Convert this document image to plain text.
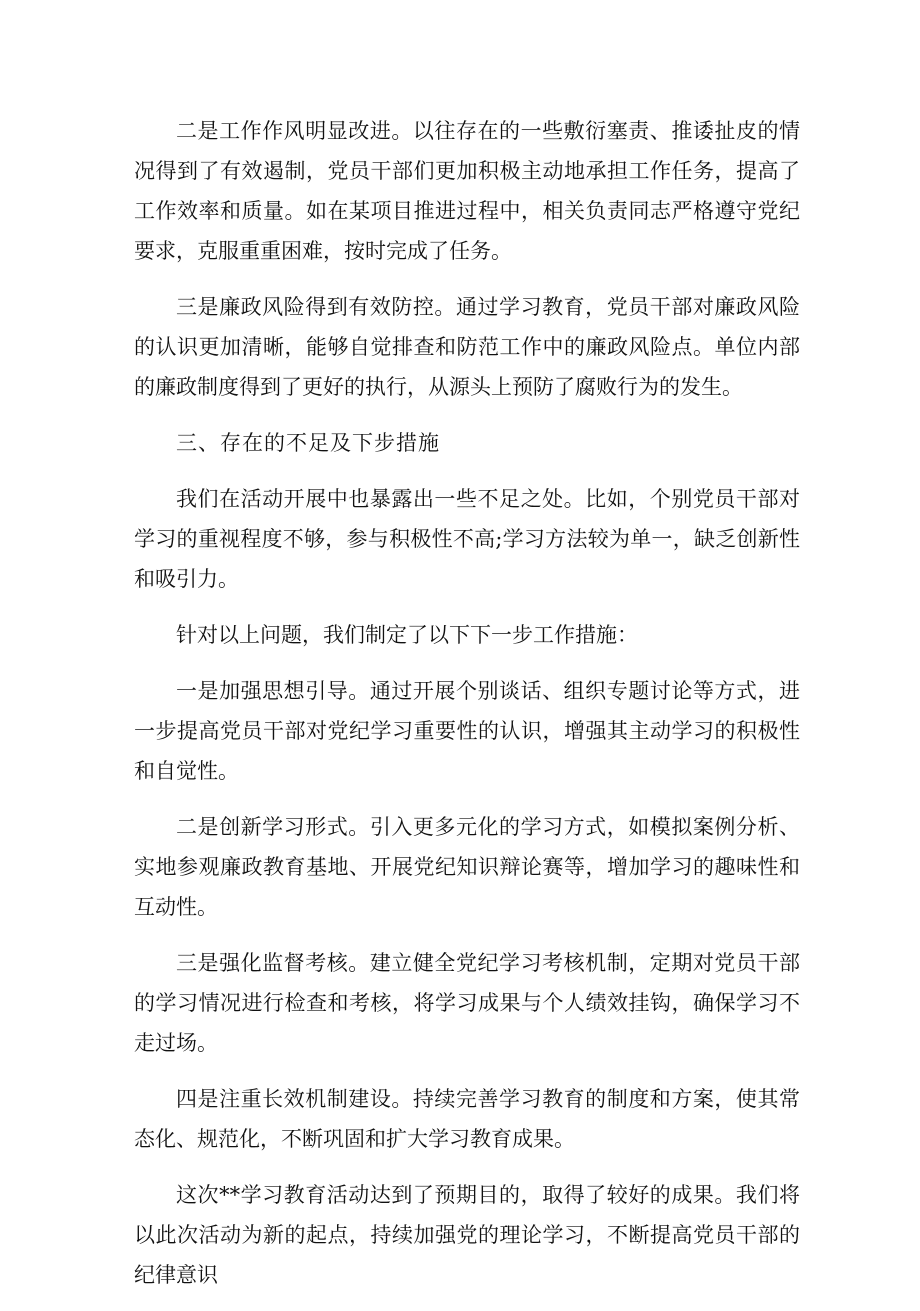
二是工作作风明显改进。以往存在的一些敷衍塞责、推诿扯皮的情况得到了有效遏制，党员干部们更加积极主动地承担工作任务，提高了工作效率和质量。如在某项目推进过程中，相关负责同志严格遵守党纪要求，克服重重困难，按时完成了任务。

三是廉政风险得到有效防控。通过学习教育，党员干部对廉政风险的认识更加清晰，能够自觉排查和防范工作中的廉政风险点。单位内部的廉政制度得到了更好的执行，从源头上预防了腐败行为的发生。

三、存在的不足及下步措施

我们在活动开展中也暴露出一些不足之处。比如，个别党员干部对学习的重视程度不够，参与积极性不高;学习方法较为单一，缺乏创新性和吸引力。

针对以上问题，我们制定了以下下一步工作措施：

一是加强思想引导。通过开展个别谈话、组织专题讨论等方式，进一步提高党员干部对党纪学习重要性的认识，增强其主动学习的积极性和自觉性。

二是创新学习形式。引入更多元化的学习方式，如模拟案例分析、实地参观廉政教育基地、开展党纪知识辩论赛等，增加学习的趣味性和互动性。

三是强化监督考核。建立健全党纪学习考核机制，定期对党员干部的学习情况进行检查和考核，将学习成果与个人绩效挂钩，确保学习不走过场。

四是注重长效机制建设。持续完善学习教育的制度和方案，使其常态化、规范化，不断巩固和扩大学习教育成果。

这次**学习教育活动达到了预期目的，取得了较好的成果。我们将以此次活动为新的起点，持续加强党的理论学习，不断提高党员干部的纪律意识
